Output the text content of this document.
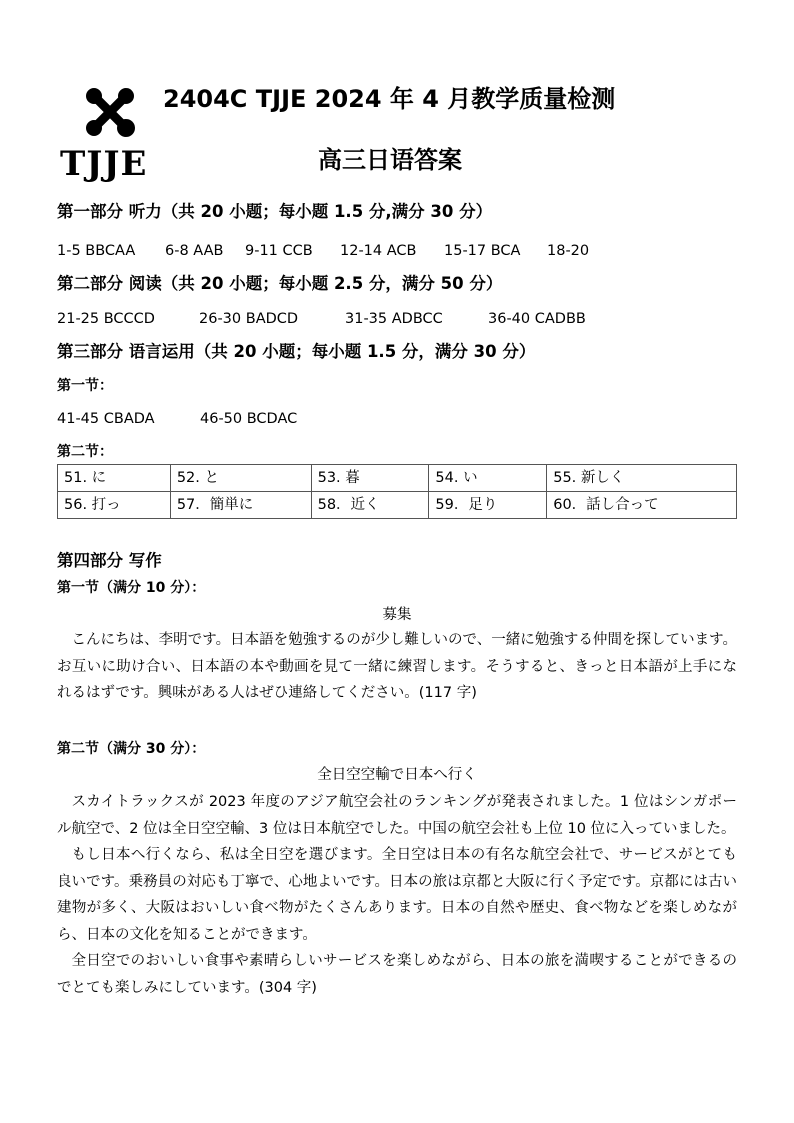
TJJE
2404C TJJE 2024 年 4 月教学质量检测
高三日语答案
第一部分 听力（共 20 小题；每小题 1.5 分,满分 30 分）
1-5 BBCAA 6-8 AAB 9-11 CCB 12-14 ACB 15-17 BCA 18-20
第二部分 阅读（共 20 小题；每小题 2.5 分，满分 50 分）
21-25 BCCCD	26-30 BADCD	31-35 ADBCC	36-40 CADBB
第三部分 语言运用（共 20 小题；每小题 1.5 分，满分 30 分）
第一节：
41-45 CBADA	46-50 BCDAC
第二节：
51. に	52. と	53. 暮	54. い	55. 新しく
56. 打っ	57．簡単に	58．近く	59．足り	60．話し合って
第四部分 写作
第一节（满分 10 分）：
募集

こんにちは、李明です。日本語を勉強するのが少し難しいので、一緒に勉強する仲間を探しています。お互いに助け合い、日本語の本や動画を見て一緒に練習します。そうすると、きっと日本語が上手になれるはずです。興味がある人はぜひ連絡してください。(117 字)

第二节（满分 30 分）：
全日空空輸で日本へ行く

スカイトラックスが 2023 年度のアジア航空会社のランキングが発表されました。1 位はシンガポール航空で、2 位は全日空空輸、3 位は日本航空でした。中国の航空会社も上位 10 位に入っていました。

もし日本へ行くなら、私は全日空を選びます。全日空は日本の有名な航空会社で、サービスがとても良いです。乗務員の対応も丁寧で、心地よいです。日本の旅は京都と大阪に行く予定です。京都には古い建物が多く、大阪はおいしい食べ物がたくさんあります。日本の自然や歴史、食べ物などを楽しめながら、日本の文化を知ることができます。

全日空でのおいしい食事や素晴らしいサービスを楽しめながら、日本の旅を満喫することができるのでとても楽しみにしています。(304 字)
